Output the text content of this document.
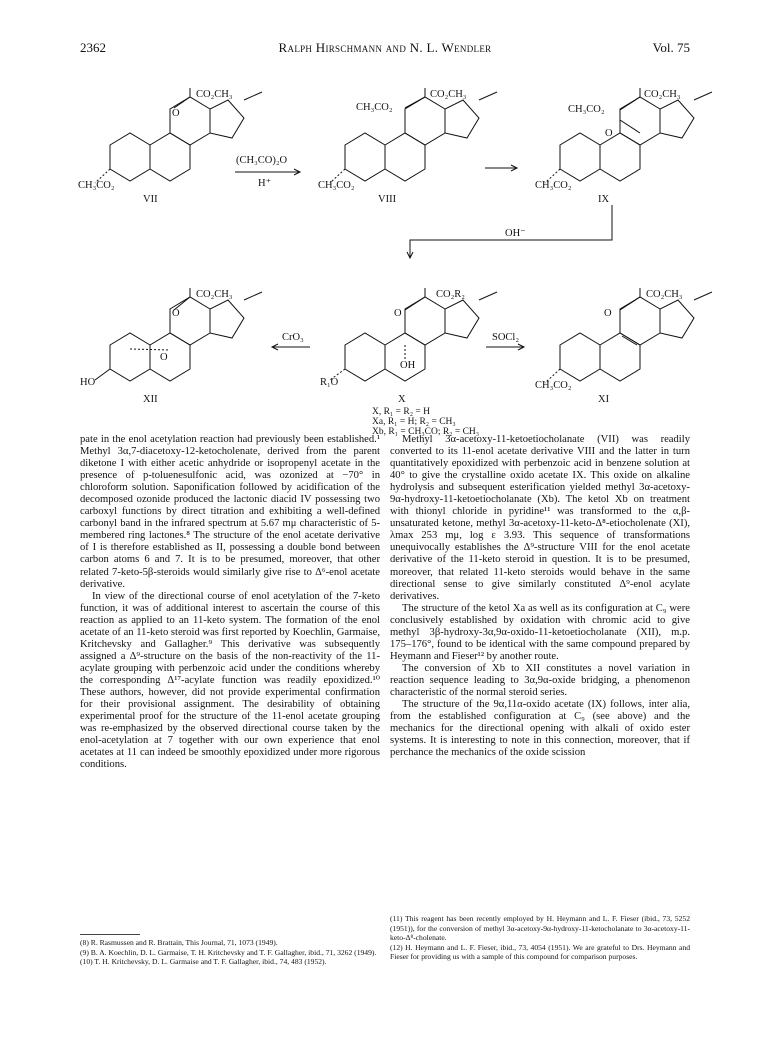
2362	Ralph Hirschmann and N. L. Wendler	Vol. 75
CO₂CH₃
O
CH₃CO₂
VII
CO₂CH₃
CH₃CO₂
CH₃CO₂
VIII
CO₂CH₃
CH₃CO₂
O
CH₃CO₂
IX
(CH₃CO)₂O
H⁺
OH⁻
CO₂CH₃
O
O
HO
XII
CO₂R₂
O
OH
R₁O
X
CO₂CH₃
O
CH₃CO₂
XI
CrO₃	SOCl₂
X, R₁ = R₂ = H
Xa, R₁ = H; R₂ = CH₃
Xb, R₁ = CH₃CO; R₂ = CH₃

pate in the enol acetylation reaction had previously been established.¹ Methyl 3α,7-diacetoxy-12-ketocholenate, derived from the parent diketone I with either acetic anhydride or isopropenyl acetate in the presence of p-toluenesulfonic acid, was ozonized at −70° in chloroform solution. Saponification followed by acidification of the decomposed ozonide produced the lactonic diacid IV possessing two carboxyl functions by direct titration and exhibiting a well-defined carbonyl band in the infrared spectrum at 5.67 mμ characteristic of 5-membered ring lactones.⁸ The structure of the enol acetate derivative of I is therefore established as II, possessing a double bond between carbon atoms 6 and 7. It is to be presumed, moreover, that other related 7-keto-5β-steroids would similarly give rise to Δ⁶-enol acetate derivative.

In view of the directional course of enol acetylation of the 7-keto function, it was of additional interest to ascertain the course of this reaction as applied to an 11-keto system. The formation of the enol acetate of an 11-keto steroid was first reported by Koechlin, Garmaise, Kritchevsky and Gallagher.⁹ This derivative was subsequently assigned a Δ⁹-structure on the basis of the non-reactivity of the 11-acylate grouping with perbenzoic acid under the conditions whereby the corresponding Δ¹⁷-acylate function was readily epoxidized.¹⁰ These authors, however, did not provide experimental confirmation for their provisional assignment. The desirability of obtaining experimental proof for the structure of the 11-enol acetate grouping was re-emphasized by the observed directional course taken by the enol-acetylation at 7 together with our own experience that enol acetates at 11 can indeed be smoothly epoxidized under more rigorous conditions.

Methyl 3α-acetoxy-11-ketoetiocholanate (VII) was readily converted to its 11-enol acetate derivative VIII and the latter in turn quantitatively epoxidized with perbenzoic acid in benzene solution at 40° to give the crystalline oxido acetate IX. This oxide on alkaline hydrolysis and subsequent esterification yielded methyl 3α-acetoxy-9α-hydroxy-11-ketoetiocholanate (Xb). The ketol Xb on treatment with thionyl chloride in pyridine¹¹ was transformed to the α,β-unsaturated ketone, methyl 3α-acetoxy-11-keto-Δ⁸-etiocholenate (XI), λmax 253 mμ, log ε 3.93. This sequence of transformations unequivocally establishes the Δ⁹-structure VIII for the enol acetate derivative of the 11-keto steroid in question. It is to be presumed, moreover, that related 11-keto steroids would behave in the same directional sense to give similarly constituted Δ⁹-enol acylate derivatives.

The structure of the ketol Xa as well as its configuration at C₉ were conclusively established by oxidation with chromic acid to give methyl 3β-hydroxy-3α,9α-oxido-11-ketoetiocholanate (XII), m.p. 175–176°, found to be identical with the same compound prepared by Heymann and Fieser¹² by another route.

The conversion of Xb to XII constitutes a novel variation in reaction sequence leading to 3α,9α-oxide bridging, a phenomenon characteristic of the normal steroid series.

The structure of the 9α,11α-oxido acetate (IX) follows, inter alia, from the established configuration at C₉ (see above) and the mechanics for the directional opening with alkali of oxido ester systems. It is interesting to note in this connection, moreover, that if perchance the mechanics of the oxide scission

(8) R. Rasmussen and R. Brattain, This Journal, 71, 1073 (1949).

(9) B. A. Koechlin, D. L. Garmaise, T. H. Kritchevsky and T. F. Gallagher, ibid., 71, 3262 (1949).

(10) T. H. Kritchevsky, D. L. Garmaise and T. F. Gallagher, ibid., 74, 483 (1952).

(11) This reagent has been recently employed by H. Heymann and L. F. Fieser (ibid., 73, 5252 (1951)), for the conversion of methyl 3α-acetoxy-9α-hydroxy-11-ketocholanate to 3α-acetoxy-11-keto-Δ⁸-cholenate.

(12) H. Heymann and L. F. Fieser, ibid., 73, 4054 (1951). We are grateful to Drs. Heymann and Fieser for providing us with a sample of this compound for comparison purposes.
